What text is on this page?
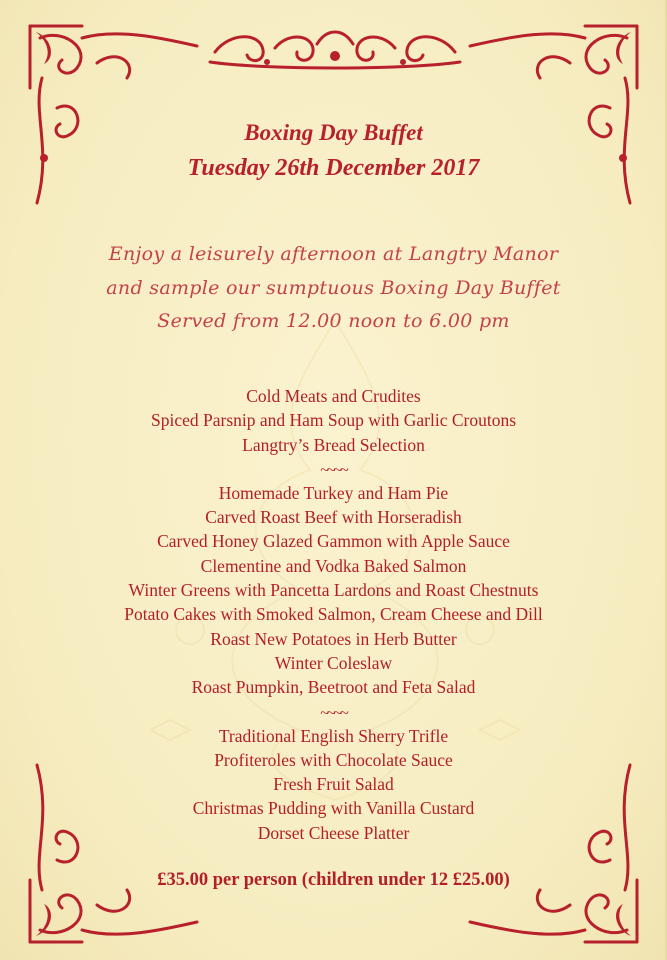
Boxing Day Buffet
Tuesday 26th December 2017
Enjoy a leisurely afternoon at Langtry Manor
and sample our sumptuous Boxing Day Buffet
Served from 12.00 noon to 6.00 pm
Cold Meats and Crudites
Spiced Parsnip and Ham Soup with Garlic Croutons
Langtry’s Bread Selection
~~~~
Homemade Turkey and Ham Pie
Carved Roast Beef with Horseradish
Carved Honey Glazed Gammon with Apple Sauce
Clementine and Vodka Baked Salmon
Winter Greens with Pancetta Lardons and Roast Chestnuts
Potato Cakes with Smoked Salmon, Cream Cheese and Dill
Roast New Potatoes in Herb Butter
Winter Coleslaw
Roast Pumpkin, Beetroot and Feta Salad
~~~~
Traditional English Sherry Trifle
Profiteroles with Chocolate Sauce
Fresh Fruit Salad
Christmas Pudding with Vanilla Custard
Dorset Cheese Platter
£35.00 per person (children under 12 £25.00)
